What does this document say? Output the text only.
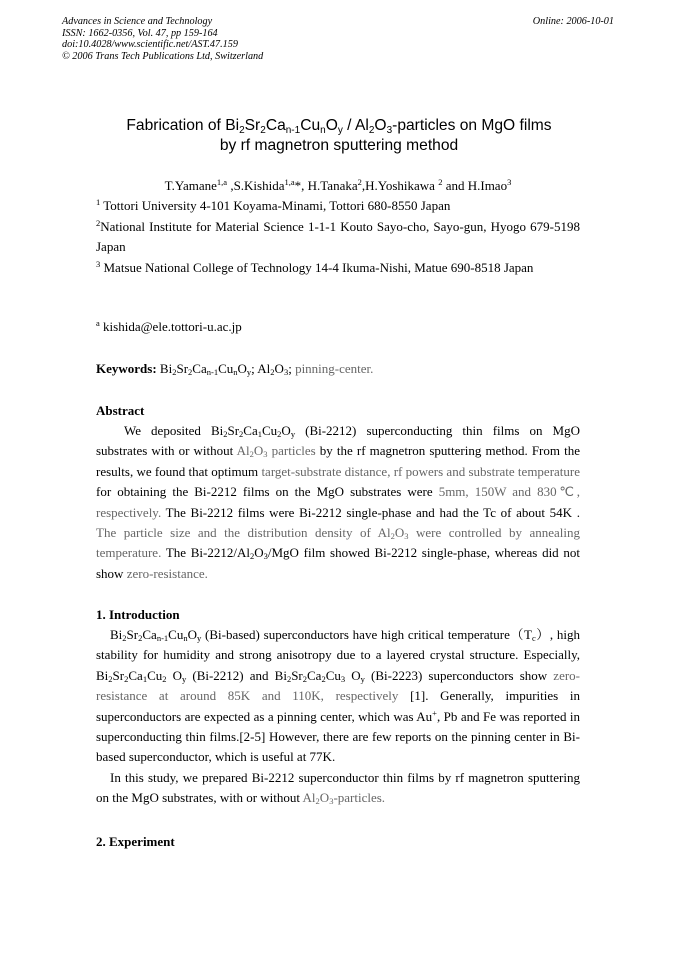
Advances in Science and Technology
ISSN: 1662-0356, Vol. 47, pp 159-164
doi:10.4028/www.scientific.net/AST.47.159
© 2006 Trans Tech Publications Ltd, Switzerland
Online: 2006-10-01
Fabrication of $Bi_2Sr_2Ca_{n-1}Cu_nO_y$ / $Al_2O_3$-particles on MgO films
by rf magnetron sputtering method
T.Yamane$^{1,a}$ ,S.Kishida$^{1,a}$*, H.Tanaka$^2$,H.Yoshikawa $^2$ and H.Imao$^3$
$^1$ Tottori University 4-101 Koyama-Minami, Tottori 680-8550 Japan
$^2$National Institute for Material Science 1-1-1 Kouto Sayo-cho, Sayo-gun, Hyogo 679-5198 Japan
$^3$ Matsue National College of Technology 14-4 Ikuma-Nishi, Matue 690-8518 Japan
$^a$ kishida@ele.tottori-u.ac.jp
Keywords: $Bi_2Sr_2Ca_{n-1}Cu_nO_y$; $Al_2O_3$; pinning-center.
Abstract
We deposited $Bi_2Sr_2Ca_1Cu_2O_y$ (Bi-2212) superconducting thin films on MgO substrates with or without $Al_2O_3$ particles by the rf magnetron sputtering method. From the results, we found that optimum target-substrate distance, rf powers and substrate temperature for obtaining the Bi-2212 films on the MgO substrates were 5mm, 150W and 830℃, respectively. The Bi-2212 films were Bi-2212 single-phase and had the Tc of about 54K . The particle size and the distribution density of $Al_2O_3$ were controlled by annealing temperature. The $Bi-2212/Al_2O_3$/MgO film showed Bi-2212 single-phase, whereas did not show zero-resistance.
1. Introduction
$Bi_2Sr_2Ca_{n-1}Cu_nO_y$ (Bi-based) superconductors have high critical $temperature(T_c)$, high stability for humidity and strong anisotropy due to a layered crystal structure. Especially, $Bi_2Sr_2Ca_1Cu_2$ $O_y$ (Bi-2212) and $Bi_2Sr_2Ca_2Cu_3$ $O_y$ (Bi-2223) superconductors show zero-resistance at around 85K and 110K, respectively [1]. Generally, impurities in superconductors are expected as a pinning center, which was Au+, Pb and Fe was reported in superconducting thin films.[2-5] However, there are few reports on the pinning center in Bi-based superconductor, which is useful at 77K.
In this study, we prepared Bi-2212 superconductor thin films by rf magnetron sputtering on the MgO substrates, with or without $Al_2O_3$-particles.
2. Experiment
